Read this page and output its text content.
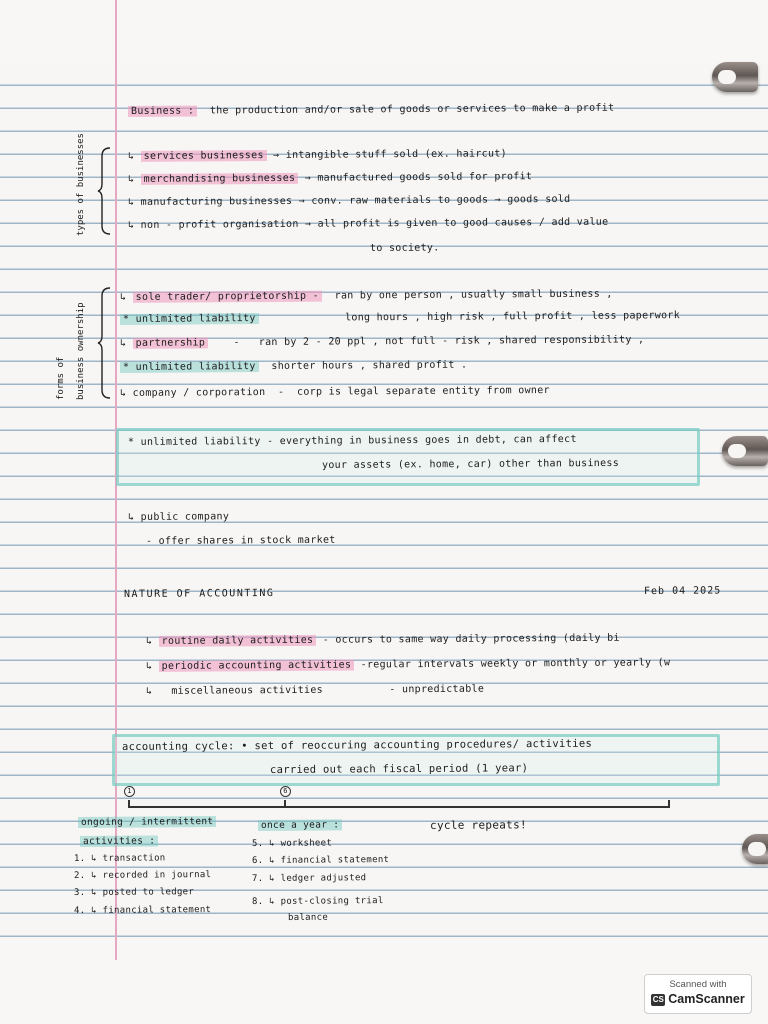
Business : the production and/or sale of goods or services to make a profit
types of businesses	↳ services businesses → intangible stuff sold (ex. haircut)
↳ merchandising businesses → manufactured goods sold for profit
↳ manufacturing businesses → conv. raw materials to goods → goods sold
↳ non - profit organisation → all profit is given to good causes / add value
to society.
forms of business ownership
↳ sole trader/ proprietorship - ran by one person , usually small business ,
* unlimited liability	long hours , high risk , full profit , less paperwork
↳ partnership	- ran by 2 - 20 ppl , not full - risk , shared responsibility ,
* unlimited liability shorter hours , shared profit .
↳ company / corporation - corp is legal separate entity from owner
* unlimited liability - everything in business goes in debt, can affect
your assets (ex. home, car) other than business
↳ public company
- offer shares in stock market
NATURE OF ACCOUNTING	Feb 04 2025
↳ routine daily activities - occurs to same way daily processing (daily bi
↳ periodic accounting activities -regular intervals weekly or monthly or yearly (w
↳   miscellaneous activities	- unpredictable
accounting cycle: • set of reoccuring accounting procedures/ activities
carried out each fiscal period (1 year)
1	6
cycle repeats!
ongoing / intermittent
activities :
1. ↳ transaction
2. ↳ recorded in journal
3. ↳ posted to ledger
4. ↳ financial statement
once a year :
5. ↳ worksheet
6. ↳ financial statement
7. ↳ ledger adjusted
8. ↳ post-closing trial
balance
Scanned with
CS CamScanner
